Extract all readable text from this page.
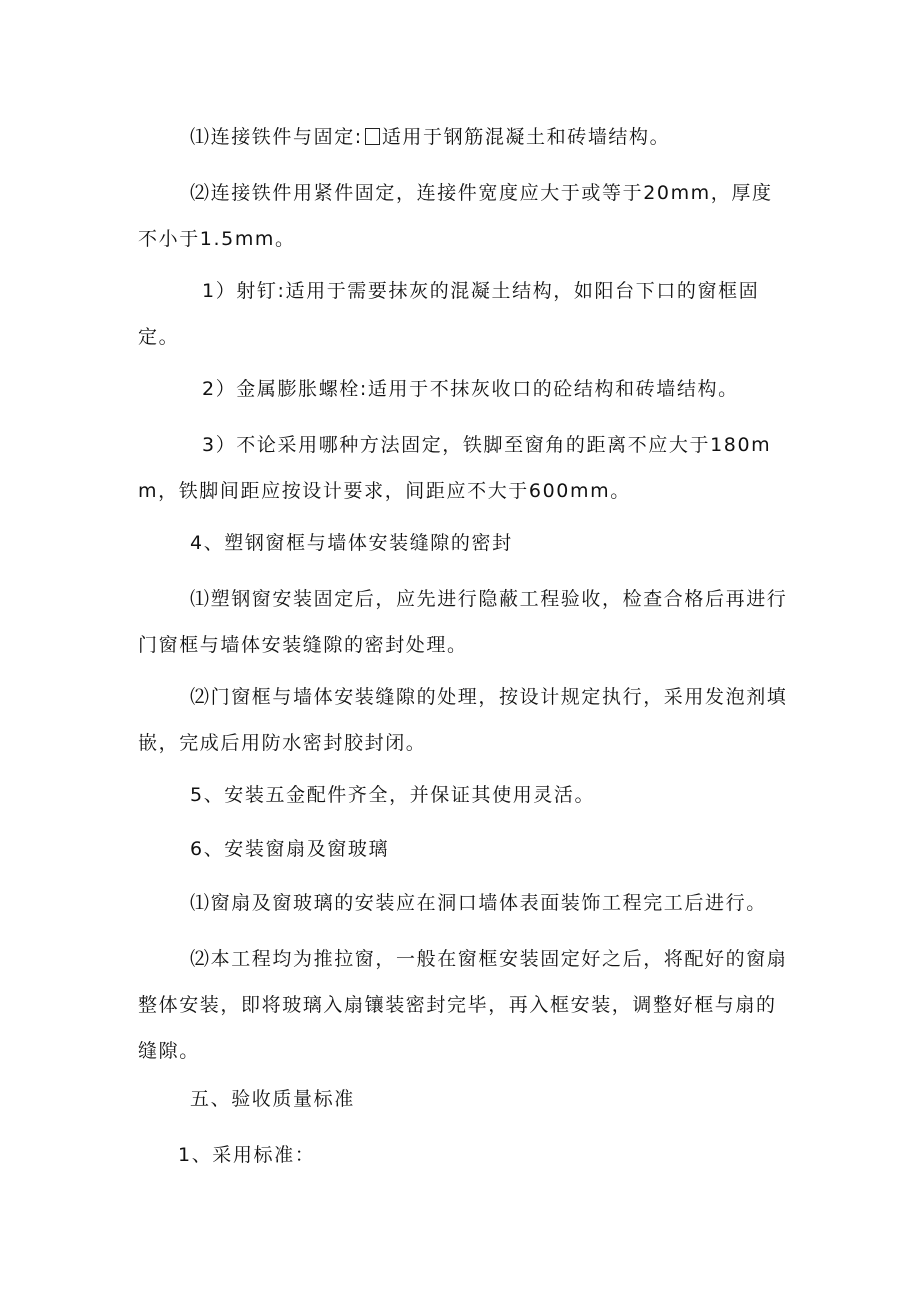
⑴连接铁件与固定: 适用于钢筋混凝土和砖墙结构。
⑵连接铁件用紧件固定，连接件宽度应大于或等于20mm，厚度不小于1.5mm。
1）射钉:适用于需要抹灰的混凝土结构，如阳台下口的窗框固定。
2）金属膨胀螺栓:适用于不抹灰收口的砼结构和砖墙结构。
3）不论采用哪种方法固定，铁脚至窗角的距离不应大于180mm，铁脚间距应按设计要求，间距应不大于600mm。
4、塑钢窗框与墙体安装缝隙的密封
⑴塑钢窗安装固定后，应先进行隐蔽工程验收，检查合格后再进行门窗框与墙体安装缝隙的密封处理。
⑵门窗框与墙体安装缝隙的处理，按设计规定执行，采用发泡剂填嵌，完成后用防水密封胶封闭。
5、安装五金配件齐全，并保证其使用灵活。
6、安装窗扇及窗玻璃
⑴窗扇及窗玻璃的安装应在洞口墙体表面装饰工程完工后进行。
⑵本工程均为推拉窗，一般在窗框安装固定好之后，将配好的窗扇整体安装，即将玻璃入扇镶装密封完毕，再入框安装，调整好框与扇的缝隙。
五、验收质量标准
1、采用标准：
